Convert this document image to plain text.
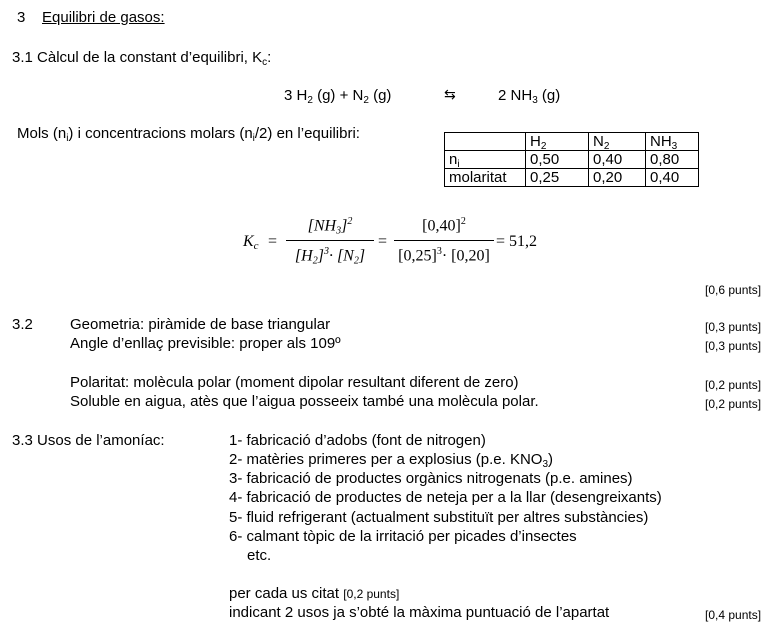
3 Equilibri de gasos:
3.1 Càlcul de la constant d’equilibri, $K_c$:
3 $H_2$ $(g) + N_2$ (g)	⇆	2 $NH_3$ (g)
Mols $(n_i)$ i concentracions molars $(n_i/2)$ en l’equilibri:
		$H_2$	$N_2$	$NH_3$
$n_i$	0,50	0,40	0,80
molaritat	0,25	0,20	0,40
$K_c$ =
$[NH_3]^2$
$[H_2]^3\cdot [N_2]$
=
$[0,40]^2$
$[0,25]^3\cdot [0,20]$
= 51,2
[0,6 punts]
3.2 Geometria: piràmide de base triangular	[0,3 punts]
Angle d’enllaç previsible: proper als 109º	[0,3 punts]
Polaritat: molècula polar (moment dipolar resultant diferent de zero)	[0,2 punts]
Soluble en aigua, atès que l’aigua posseeix també una molècula polar.	[0,2 punts]
3.3 Usos de l’amoníac:	1- fabricació d’adobs (font de nitrogen)
2- matèries primeres per a explosius (p.e. $KNO_3$)
3- fabricació de productes orgànics nitrogenats (p.e. amines)
4- fabricació de productes de neteja per a la llar (desengreixants)
5- fluid refrigerant (actualment substituït per altres substàncies)
6- calmant tòpic de la irritació per picades d’insectes
etc.
per cada us citat [0,2 punts]
indicant 2 usos ja s’obté la màxima puntuació de l’apartat	[0,4 punts]
